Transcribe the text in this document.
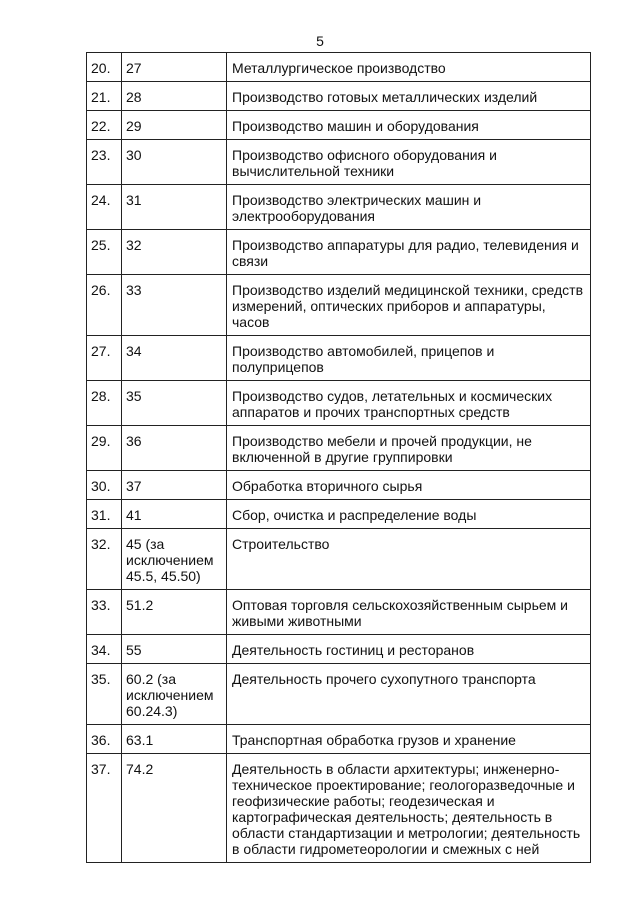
5
20.	27	Металлургическое производство
21.	28	Производство готовых металлических изделий
22.	29	Производство машин и оборудования
23.	30	Производство офисного оборудования и вычислительной техники
24.	31	Производство электрических машин и электрооборудования
25.	32	Производство аппаратуры для радио, телевидения и связи
26.	33	Производство изделий медицинской техники, средств измерений, оптических приборов и аппаратуры, часов
27.	34	Производство автомобилей, прицепов и полуприцепов
28.	35	Производство судов, летательных и космических аппаратов и прочих транспортных средств
29.	36	Производство мебели и прочей продукции, не включенной в другие группировки
30.	37	Обработка вторичного сырья
31.	41	Сбор, очистка и распределение воды
32.	45 (за исключением 45.5, 45.50)	Строительство
33.	51.2	Оптовая торговля сельскохозяйственным сырьем и живыми животными
34.	55	Деятельность гостиниц и ресторанов
35.	60.2 (за исключением 60.24.3)	Деятельность прочего сухопутного транспорта
36.	63.1	Транспортная обработка грузов и хранение
37.	74.2	Деятельность в области архитектуры; инженерно-техническое проектирование; геологоразведочные и геофизические работы; геодезическая и картографическая деятельность; деятельность в области стандартизации и метрологии; деятельность в области гидрометеорологии и смежных с ней
